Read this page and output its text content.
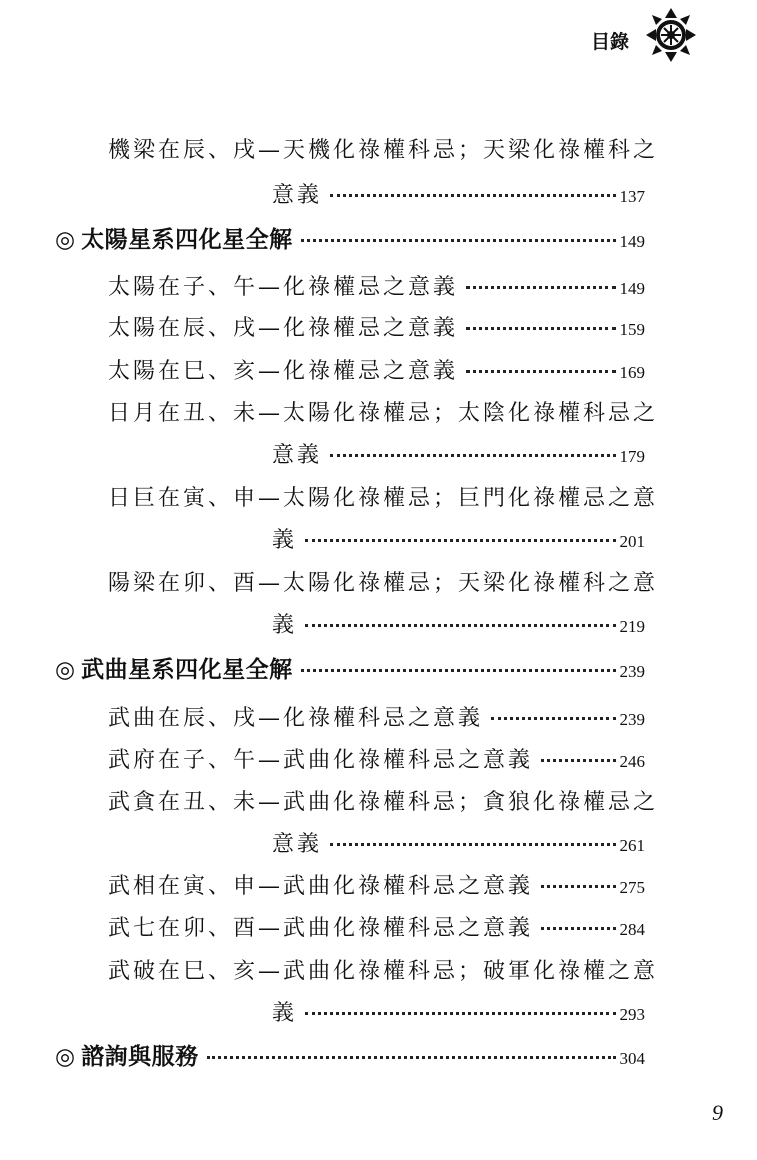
目錄
機梁在辰、戌—天機化祿權科忌；天梁化祿權科之
意義	137
◎ 太陽星系四化星全解	149
太陽在子、午—化祿權忌之意義	149
太陽在辰、戌—化祿權忌之意義	159
太陽在巳、亥—化祿權忌之意義	169
日月在丑、未—太陽化祿權忌；太陰化祿權科忌之
意義	179
日巨在寅、申—太陽化祿權忌；巨門化祿權忌之意
義	201
陽梁在卯、酉—太陽化祿權忌；天梁化祿權科之意
義	219
◎ 武曲星系四化星全解	239
武曲在辰、戌—化祿權科忌之意義	239
武府在子、午—武曲化祿權科忌之意義	246
武貪在丑、未—武曲化祿權科忌；貪狼化祿權忌之
意義	261
武相在寅、申—武曲化祿權科忌之意義	275
武七在卯、酉—武曲化祿權科忌之意義	284
武破在巳、亥—武曲化祿權科忌；破軍化祿權之意
義	293
◎ 諮詢與服務	304
9
